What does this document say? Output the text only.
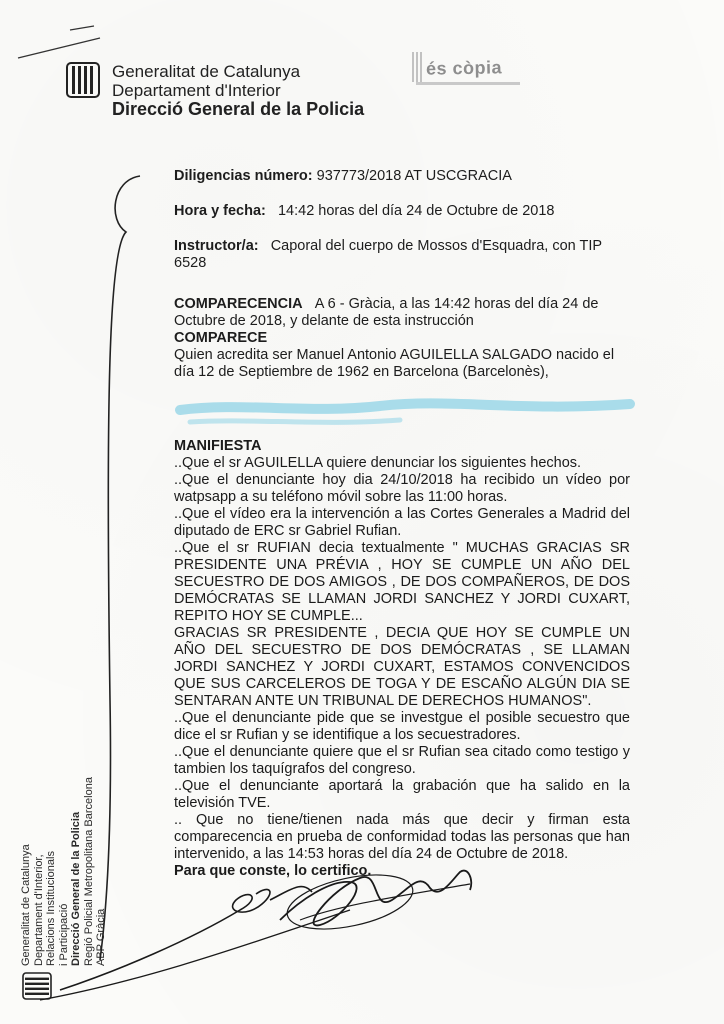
Generalitat de Catalunya
Departament d'Interior
Direcció General de la Policia
és còpia

Diligencias número: 937773/2018 AT USCGRACIA

Hora y fecha: 14:42 horas del día 24 de Octubre de 2018

Instructor/a: Caporal del cuerpo de Mossos d'Esquadra, con TIP
6528

COMPARECENCIA A 6 - Gràcia, a las 14:42 horas del día 24 de
Octubre de 2018, y delante de esta instrucción
COMPARECE
Quien acredita ser Manuel Antonio AGUILELLA SALGADO nacido el
día 12 de Septiembre de 1962 en Barcelona (Barcelonès),

MANIFIESTA

..Que el sr AGUILELLA quiere denunciar los siguientes hechos.

..Que el denunciante hoy dia 24/10/2018 ha recibido un vídeo por watpsapp a su teléfono móvil sobre las 11:00 horas.

..Que el vídeo era la intervención a las Cortes Generales a Madrid del diputado de ERC sr Gabriel Rufian.

..Que el sr RUFIAN decia textualmente " MUCHAS GRACIAS SR PRESIDENTE UNA PRÉVIA , HOY SE CUMPLE UN AÑO DEL SECUESTRO DE DOS AMIGOS , DE DOS COMPAÑEROS, DE DOS DEMÓCRATAS SE LLAMAN JORDI SANCHEZ Y JORDI CUXART, REPITO HOY SE CUMPLE...

GRACIAS SR PRESIDENTE , DECIA QUE HOY SE CUMPLE UN AÑO DEL SECUESTRO DE DOS DEMÓCRATAS , SE LLAMAN JORDI SANCHEZ Y JORDI CUXART, ESTAMOS CONVENCIDOS QUE SUS CARCELEROS DE TOGA Y DE ESCAÑO ALGÚN DIA SE SENTARAN ANTE UN TRIBUNAL DE DERECHOS HUMANOS".

..Que el denunciante pide que se investgue el posible secuestro que dice el sr Rufian y se identifique a los secuestradores.

..Que el denunciante quiere que el sr Rufian sea citado como testigo y tambien los taquígrafos del congreso.

..Que el denunciante aportará la grabación que ha salido en la televisión TVE.

.. Que no tiene/tienen nada más que decir y firman esta comparecencia en prueba de conformidad todas las personas que han intervenido, a las 14:53 horas del día 24 de Octubre de 2018.

Para que conste, lo certifico.

Generalitat de Catalunya Departament d'Interior, Relacions Institucionals i Participació Direcció General de la Policia Regió Policial Metropolitana Barcelona ABP Gràcia
